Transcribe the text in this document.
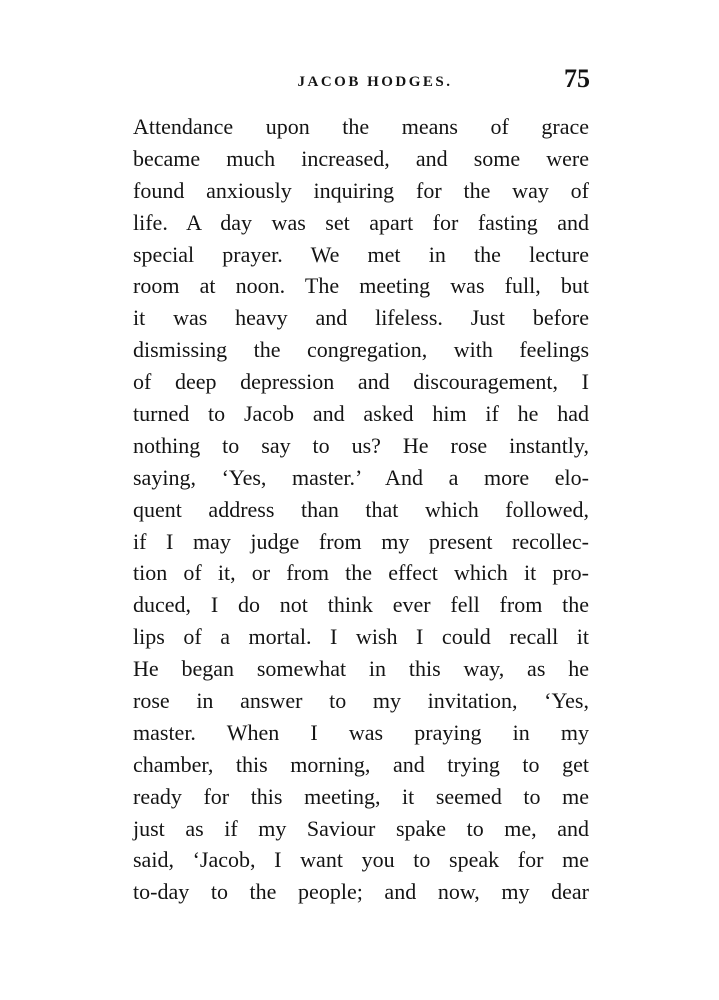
JACOB HODGES.	75
Attendance upon the means of grace
became much increased, and some were
found anxiously inquiring for the way of
life. A day was set apart for fasting and
special prayer. We met in the lecture
room at noon. The meeting was full, but
it was heavy and lifeless. Just before
dismissing the congregation, with feelings
of deep depression and discouragement, I
turned to Jacob and asked him if he had
nothing to say to us? He rose instantly,
saying, ‘Yes, master.’ And a more elo-
quent address than that which followed,
if I may judge from my present recollec-
tion of it, or from the effect which it pro-
duced, I do not think ever fell from the
lips of a mortal. I wish I could recall it
He began somewhat in this way, as he
rose in answer to my invitation, ‘Yes,
master. When I was praying in my
chamber, this morning, and trying to get
ready for this meeting, it seemed to me
just as if my Saviour spake to me, and
said, ‘Jacob, I want you to speak for me
to-day to the people; and now, my dear
